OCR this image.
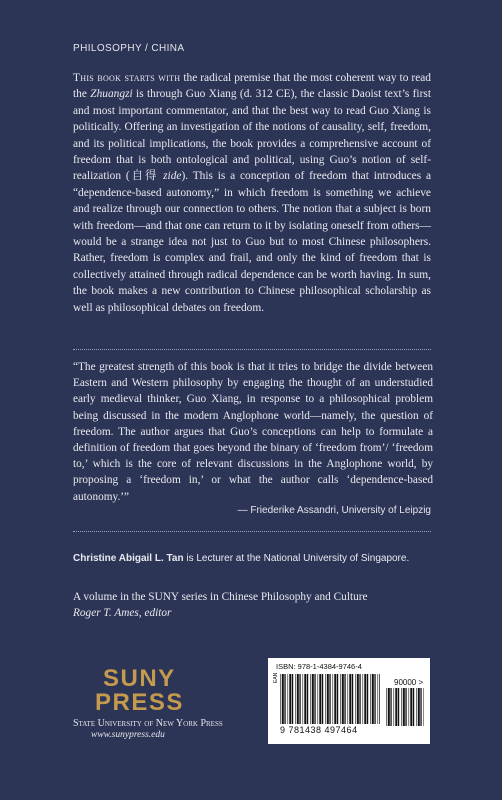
PHILOSOPHY / CHINA
This book starts with the radical premise that the most coherent way to read the Zhuangzi is through Guo Xiang (d. 312 CE), the classic Daoist text’s first and most important commentator, and that the best way to read Guo Xiang is politically. Offering an investigation of the notions of causality, self, freedom, and its political implications, the book provides a comprehensive account of freedom that is both ontological and political, using Guo’s notion of self-realization (自得 zide). This is a conception of freedom that introduces a “dependence-based autonomy,” in which freedom is something we achieve and realize through our connection to others. The notion that a subject is born with freedom—and that one can return to it by isolating oneself from others—would be a strange idea not just to Guo but to most Chinese philosophers. Rather, freedom is complex and frail, and only the kind of freedom that is collectively attained through radical dependence can be worth having. In sum, the book makes a new contribution to Chinese philosophical scholarship as well as philosophical debates on freedom.
“The greatest strength of this book is that it tries to bridge the divide between Eastern and Western philosophy by engaging the thought of an understudied early medieval thinker, Guo Xiang, in response to a philosophical problem being discussed in the modern Anglophone world—namely, the question of freedom. The author argues that Guo’s conceptions can help to formulate a definition of freedom that goes beyond the binary of ‘freedom from’/ ‘freedom to,’ which is the core of relevant discussions in the Anglophone world, by proposing a ‘freedom in,’ or what the author calls ‘dependence-based autonomy.’”
— Friederike Assandri, University of Leipzig
Christine Abigail L. Tan is Lecturer at the National University of Singapore.
A volume in the SUNY series in Chinese Philosophy and Culture
Roger T. Ames, editor
SUNY
PRESS
State University of New York Press
www.sunypress.edu
ISBN: 978-1-4384-9746-4
EAN	90000 >
9 781438 497464
